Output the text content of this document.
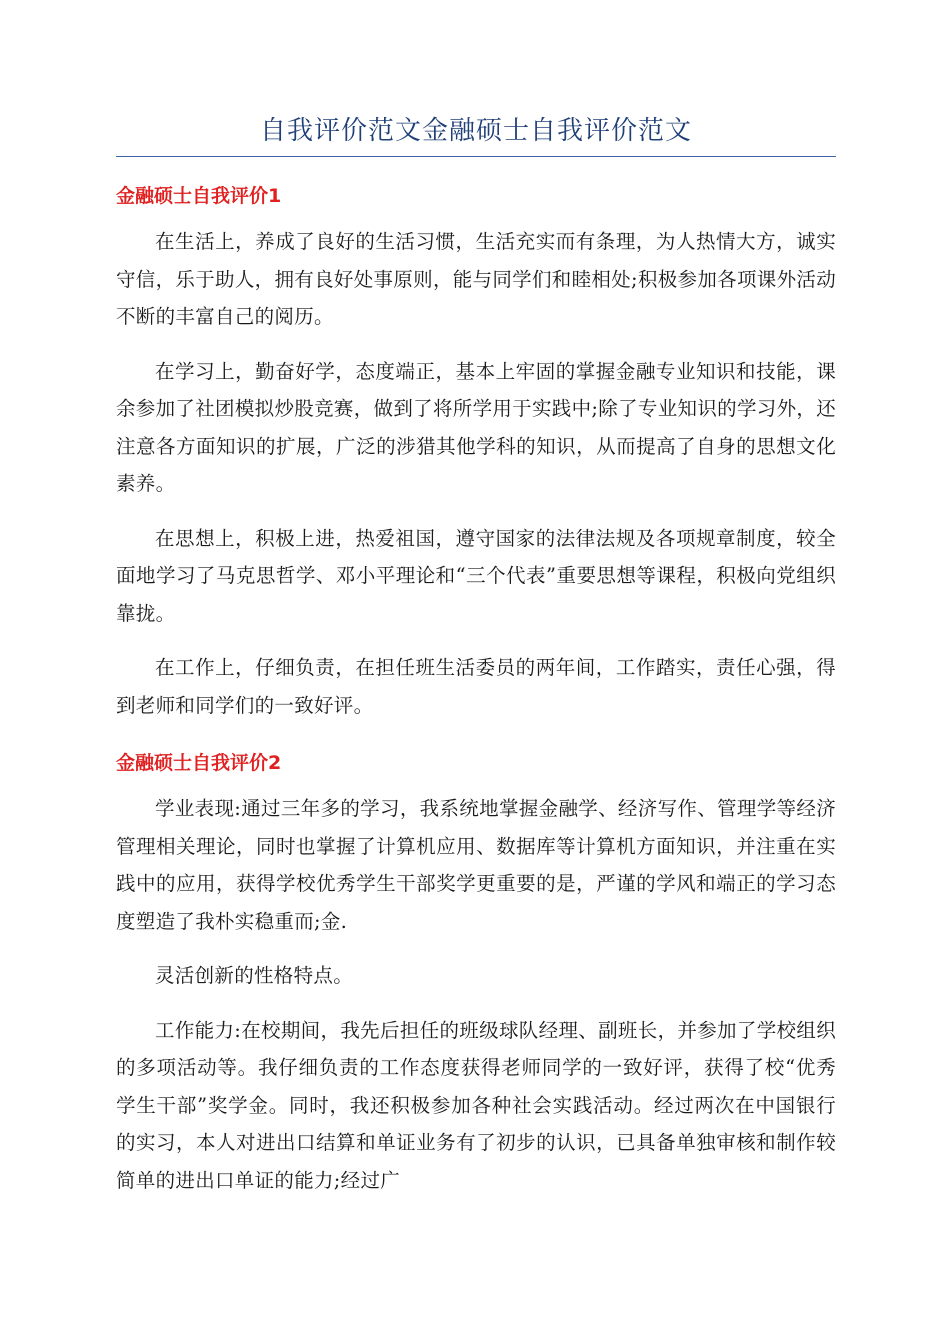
自我评价范文金融硕士自我评价范文
金融硕士自我评价1

在生活上，养成了良好的生活习惯，生活充实而有条理，为人热情大方，诚实守信，乐于助人，拥有良好处事原则，能与同学们和睦相处;积极参加各项课外活动不断的丰富自己的阅历。

在学习上，勤奋好学，态度端正，基本上牢固的掌握金融专业知识和技能，课余参加了社团模拟炒股竞赛，做到了将所学用于实践中;除了专业知识的学习外，还注意各方面知识的扩展，广泛的涉猎其他学科的知识，从而提高了自身的思想文化素养。

在思想上，积极上进，热爱祖国，遵守国家的法律法规及各项规章制度，较全面地学习了马克思哲学、邓小平理论和“三个代表”重要思想等课程，积极向党组织靠拢。

在工作上，仔细负责，在担任班生活委员的两年间，工作踏实，责任心强，得到老师和同学们的一致好评。

金融硕士自我评价2

学业表现:通过三年多的学习，我系统地掌握金融学、经济写作、管理学等经济管理相关理论，同时也掌握了计算机应用、数据库等计算机方面知识，并注重在实践中的应用，获得学校优秀学生干部奖学更重要的是，严谨的学风和端正的学习态度塑造了我朴实稳重而;金.

灵活创新的性格特点。

工作能力:在校期间，我先后担任的班级球队经理、副班长，并参加了学校组织的多项活动等。我仔细负责的工作态度获得老师同学的一致好评，获得了校“优秀学生干部”奖学金。同时，我还积极参加各种社会实践活动。经过两次在中国银行的实习，本人对进出口结算和单证业务有了初步的认识，已具备单独审核和制作较简单的进出口单证的能力;经过广
